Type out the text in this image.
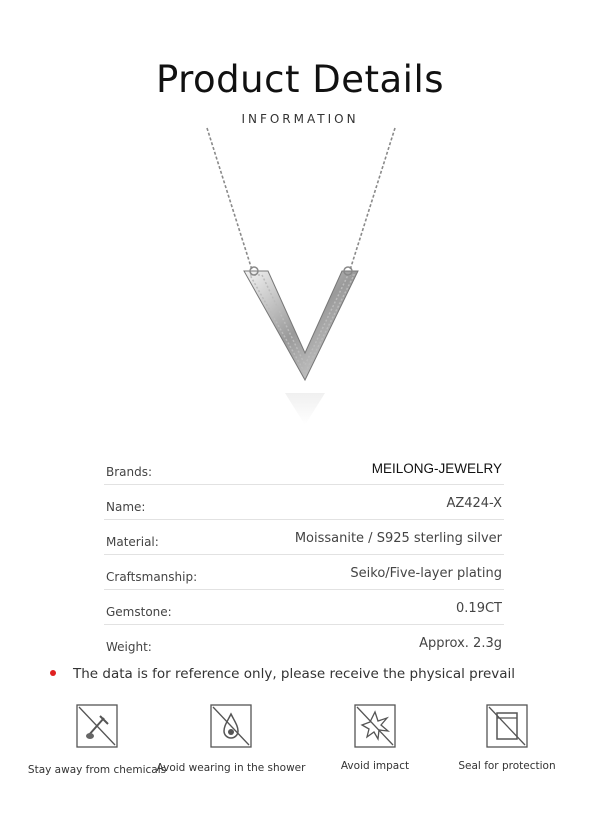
Product Details
INFORMATION
Brands:	MEILONG-JEWELRY
Name:	AZ424-X
Material:	Moissanite / S925 sterling silver
Craftsmanship:	Seiko/Five-layer plating
Gemstone:	0.19CT
Weight:	Approx. 2.3g
The data is for reference only, please receive the physical prevail
Stay away from chemicals
Avoid wearing in the shower	Avoid impact	Seal for protection
